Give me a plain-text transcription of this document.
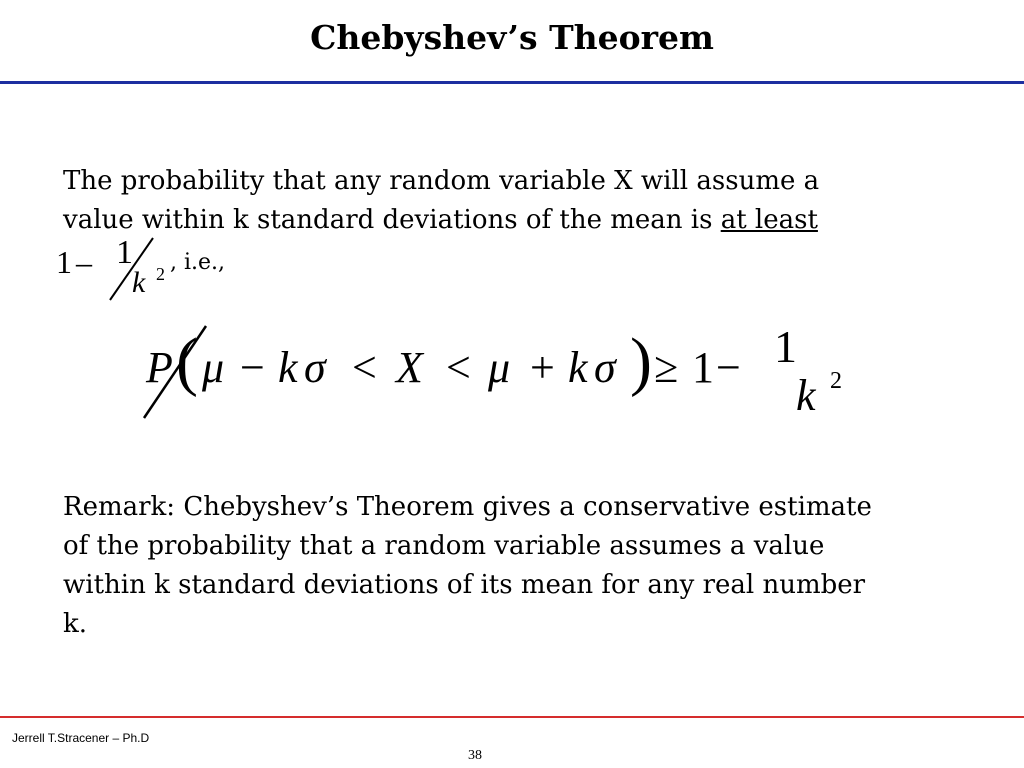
Chebyshev’s Theorem
The probability that any random variable X will assume a
value within k standard deviations of the mean is at least
1 – 1
k 2 , i.e.,
P ( μ − k σ < X < μ + k σ ) ≥ 1 − 1
k 2
Remark: Chebyshev’s Theorem gives a conservative estimate
of the probability that a random variable assumes a value
within k standard deviations of its mean for any real number
k.
Jerrell T.Stracener – Ph.D
38
